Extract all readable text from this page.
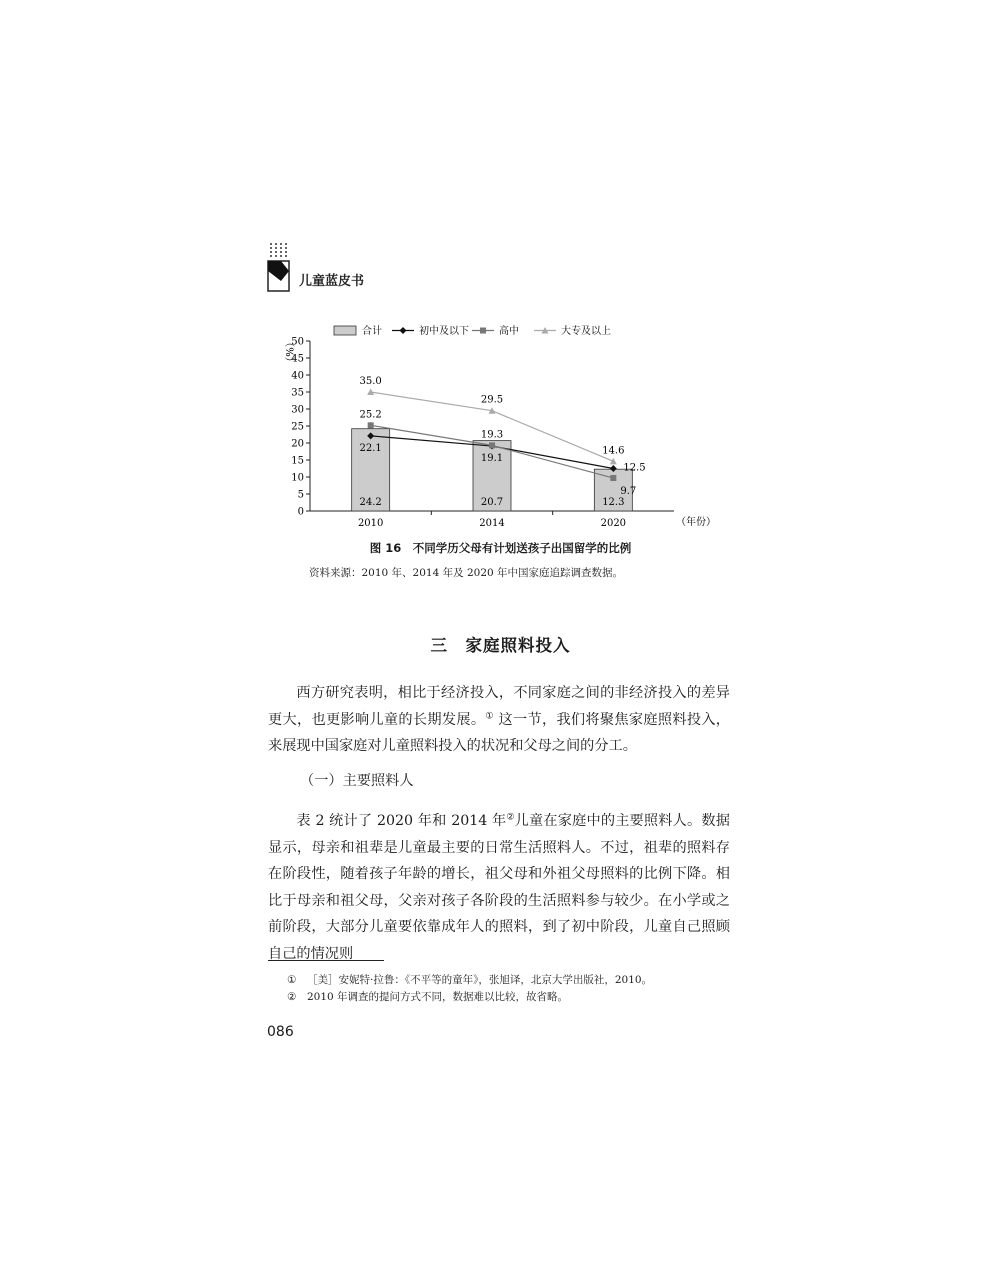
儿童蓝皮书
合计	初中及以下	高中	大专及以上
（%）
0
5
10
15
20
25
30
35
40
45
50
2010	2014	2020
24.2	20.7	12.3
22.1
19.1
12.5
25.2
19.3
9.7
35.0
29.5
14.6
（年份）
图 16　不同学历父母有计划送孩子出国留学的比例
资料来源：2010 年、2014 年及 2020 年中国家庭追踪调查数据。
三　家庭照料投入

西方研究表明，相比于经济投入，不同家庭之间的非经济投入的差异更大，也更影响儿童的长期发展。① 这一节，我们将聚焦家庭照料投入，来展现中国家庭对儿童照料投入的状况和父母之间的分工。

（一）主要照料人

表 2 统计了 2020 年和 2014 年②儿童在家庭中的主要照料人。数据显示，母亲和祖辈是儿童最主要的日常生活照料人。不过，祖辈的照料存在阶段性，随着孩子年龄的增长，祖父母和外祖父母照料的比例下降。相比于母亲和祖父母，父亲对孩子各阶段的生活照料参与较少。在小学或之前阶段，大部分儿童要依靠成年人的照料，到了初中阶段，儿童自己照顾自己的情况则

① ［美］安妮特·拉鲁：《不平等的童年》，张旭译，北京大学出版社，2010。
② 2010 年调查的提问方式不同，数据难以比较，故省略。
086
